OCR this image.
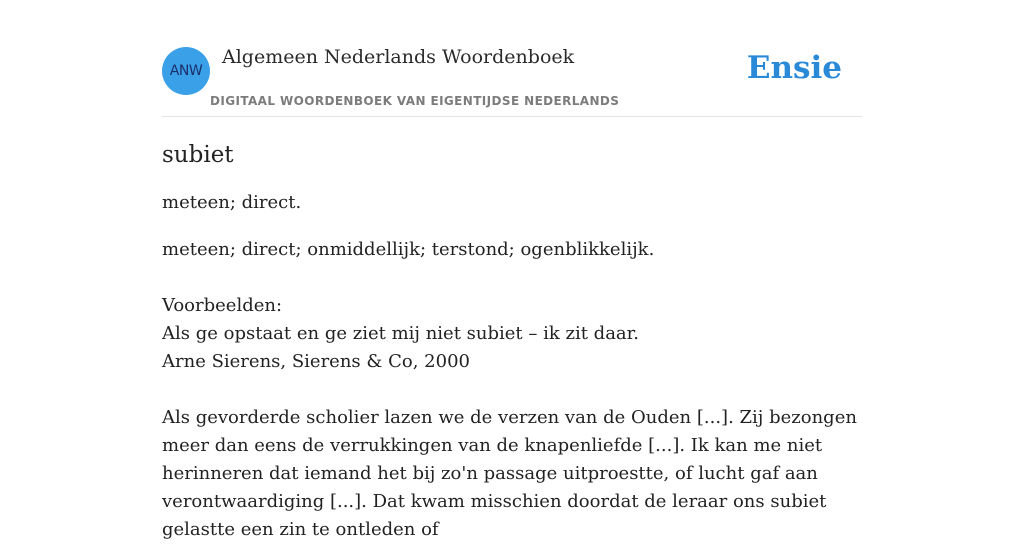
ANW
Algemeen Nederlands Woordenboek
DIGITAAL WOORDENBOEK VAN EIGENTIJDSE NEDERLANDS
Ensie
subiet
meteen; direct.
meteen; direct; onmiddellijk; terstond; ogenblikkelijk.
Voorbeelden:
Als ge opstaat en ge ziet mij niet subiet – ik zit daar.
Arne Sierens, Sierens & Co, 2000
Als gevorderde scholier lazen we de verzen van de Ouden [...]. Zij bezongen meer dan eens de verrukkingen van de knapenliefde [...]. Ik kan me niet herinneren dat iemand het bij zo'n passage uitproestte, of lucht gaf aan verontwaardiging [...]. Dat kwam misschien doordat de leraar ons subiet gelastte een zin te ontleden of
